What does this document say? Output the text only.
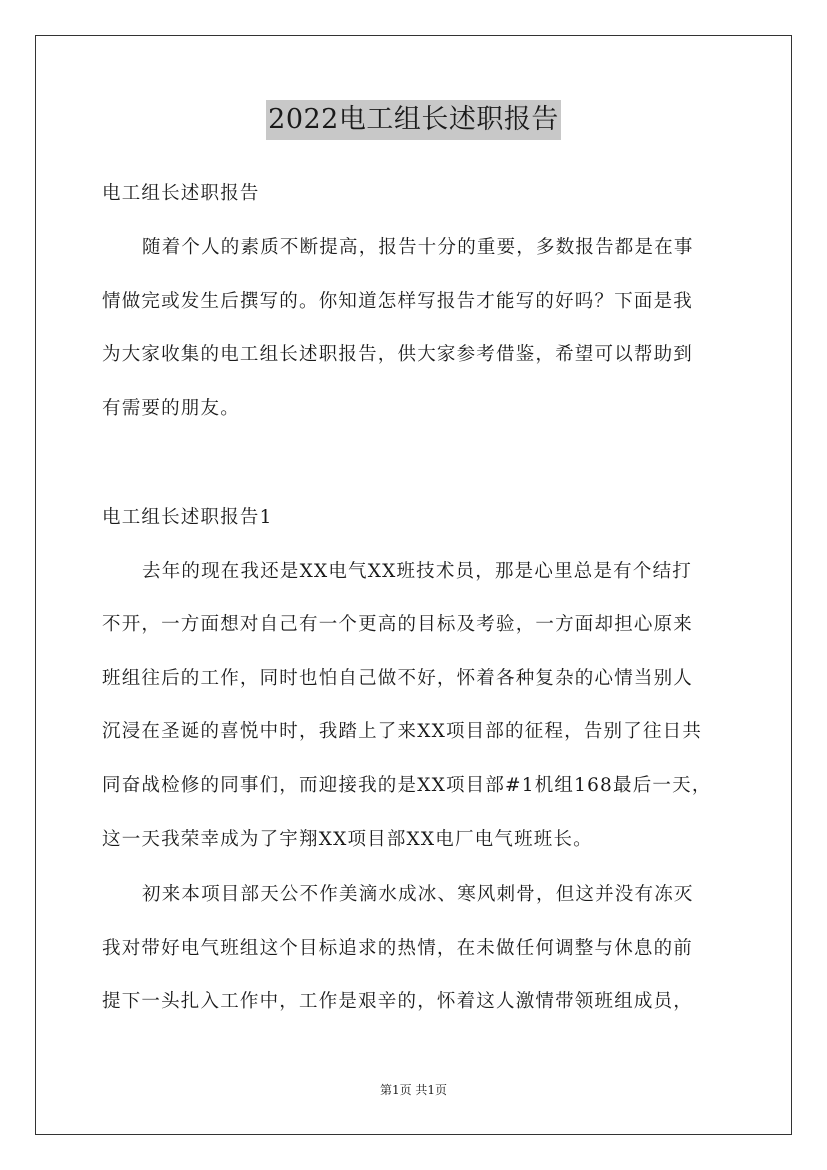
2022电工组长述职报告
电工组长述职报告
随着个人的素质不断提高，报告十分的重要，多数报告都是在事
情做完或发生后撰写的。你知道怎样写报告才能写的好吗？下面是我
为大家收集的电工组长述职报告，供大家参考借鉴，希望可以帮助到
有需要的朋友。
电工组长述职报告1
去年的现在我还是XX电气XX班技术员，那是心里总是有个结打
不开，一方面想对自己有一个更高的目标及考验，一方面却担心原来
班组往后的工作，同时也怕自己做不好，怀着各种复杂的心情当别人
沉浸在圣诞的喜悦中时，我踏上了来XX项目部的征程，告别了往日共
同奋战检修的同事们，而迎接我的是XX项目部#1机组168最后一天，
这一天我荣幸成为了宇翔XX项目部XX电厂电气班班长。
初来本项目部天公不作美滴水成冰、寒风刺骨，但这并没有冻灭
我对带好电气班组这个目标追求的热情，在未做任何调整与休息的前
提下一头扎入工作中，工作是艰辛的，怀着这人激情带领班组成员，
第1页 共1页
